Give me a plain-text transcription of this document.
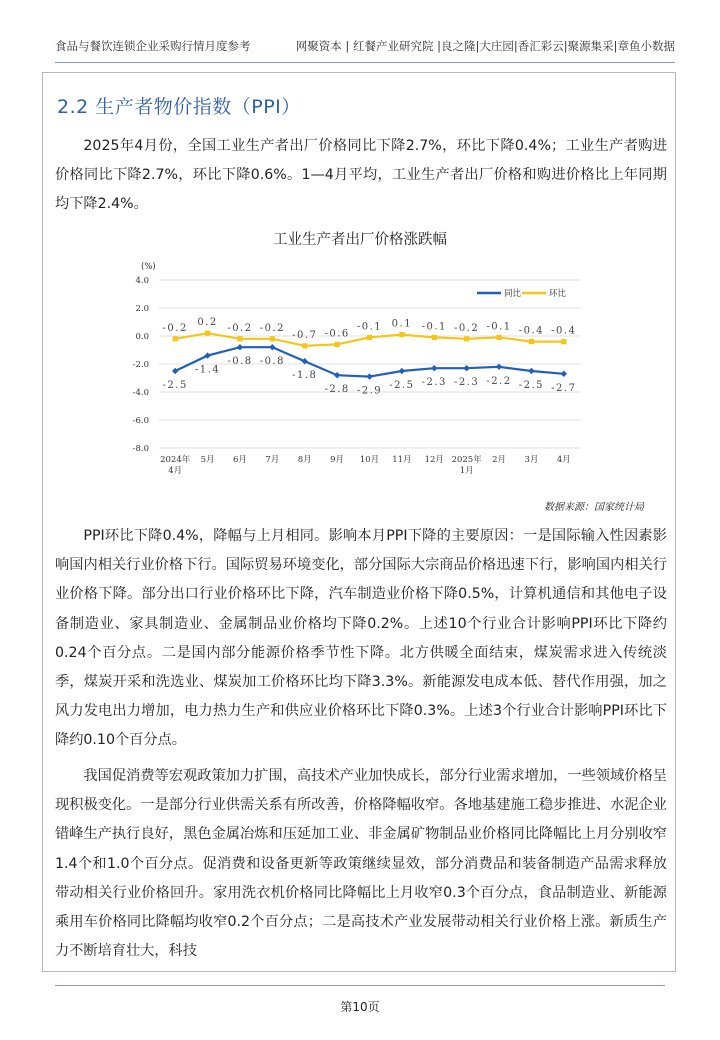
食品与餐饮连锁企业采购行情月度参考	网聚资本 | 红餐产业研究院 |良之隆|大庄园|香汇彩云|聚源集采|章鱼小数据
2.2 生产者物价指数（PPI）

2025年4月份，全国工业生产者出厂价格同比下降2.7%，环比下降0.4%；工业生产者购进价格同比下降2.7%，环比下降0.6%。1—4月平均，工业生产者出厂价格和购进价格比上年同期均下降2.4%。

工业生产者出厂价格涨跌幅
(%)
4.0
2.0
0.0
-2.0
-4.0
-6.0
-8.0
2024年 4月
5月 6月 7月 8月 9月 10月 11月 12月 2025年 1月
2月 3月 4月
-2.5
-1.4
-0.8 -0.8
-1.8
-2.8 -2.9
-2.5 -2.3 -2.3 -2.2 -2.5 -2.7
-0.2
0.2
-0.2 -0.2
-0.7 -0.6
-0.1 0.1 -0.1 -0.2 -0.1 -0.4 -0.4
同比	环比
数据来源：国家统计局

PPI环比下降0.4%，降幅与上月相同。影响本月PPI下降的主要原因：一是国际输入性因素影响国内相关行业价格下行。国际贸易环境变化，部分国际大宗商品价格迅速下行，影响国内相关行业价格下降。部分出口行业价格环比下降，汽车制造业价格下降0.5%，计算机通信和其他电子设备制造业、家具制造业、金属制品业价格均下降0.2%。上述10个行业合计影响PPI环比下降约0.24个百分点。二是国内部分能源价格季节性下降。北方供暖全面结束，煤炭需求进入传统淡季，煤炭开采和洗选业、煤炭加工价格环比均下降3.3%。新能源发电成本低、替代作用强，加之风力发电出力增加，电力热力生产和供应业价格环比下降0.3%。上述3个行业合计影响PPI环比下降约0.10个百分点。

我国促消费等宏观政策加力扩围，高技术产业加快成长，部分行业需求增加，一些领域价格呈现积极变化。一是部分行业供需关系有所改善，价格降幅收窄。各地基建施工稳步推进、水泥企业错峰生产执行良好，黑色金属冶炼和压延加工业、非金属矿物制品业价格同比降幅比上月分别收窄1.4个和1.0个百分点。促消费和设备更新等政策继续显效，部分消费品和装备制造产品需求释放带动相关行业价格回升。家用洗衣机价格同比降幅比上月收窄0.3个百分点，食品制造业、新能源乘用车价格同比降幅均收窄0.2个百分点；二是高技术产业发展带动相关行业价格上涨。新质生产力不断培育壮大，科技

第10页
